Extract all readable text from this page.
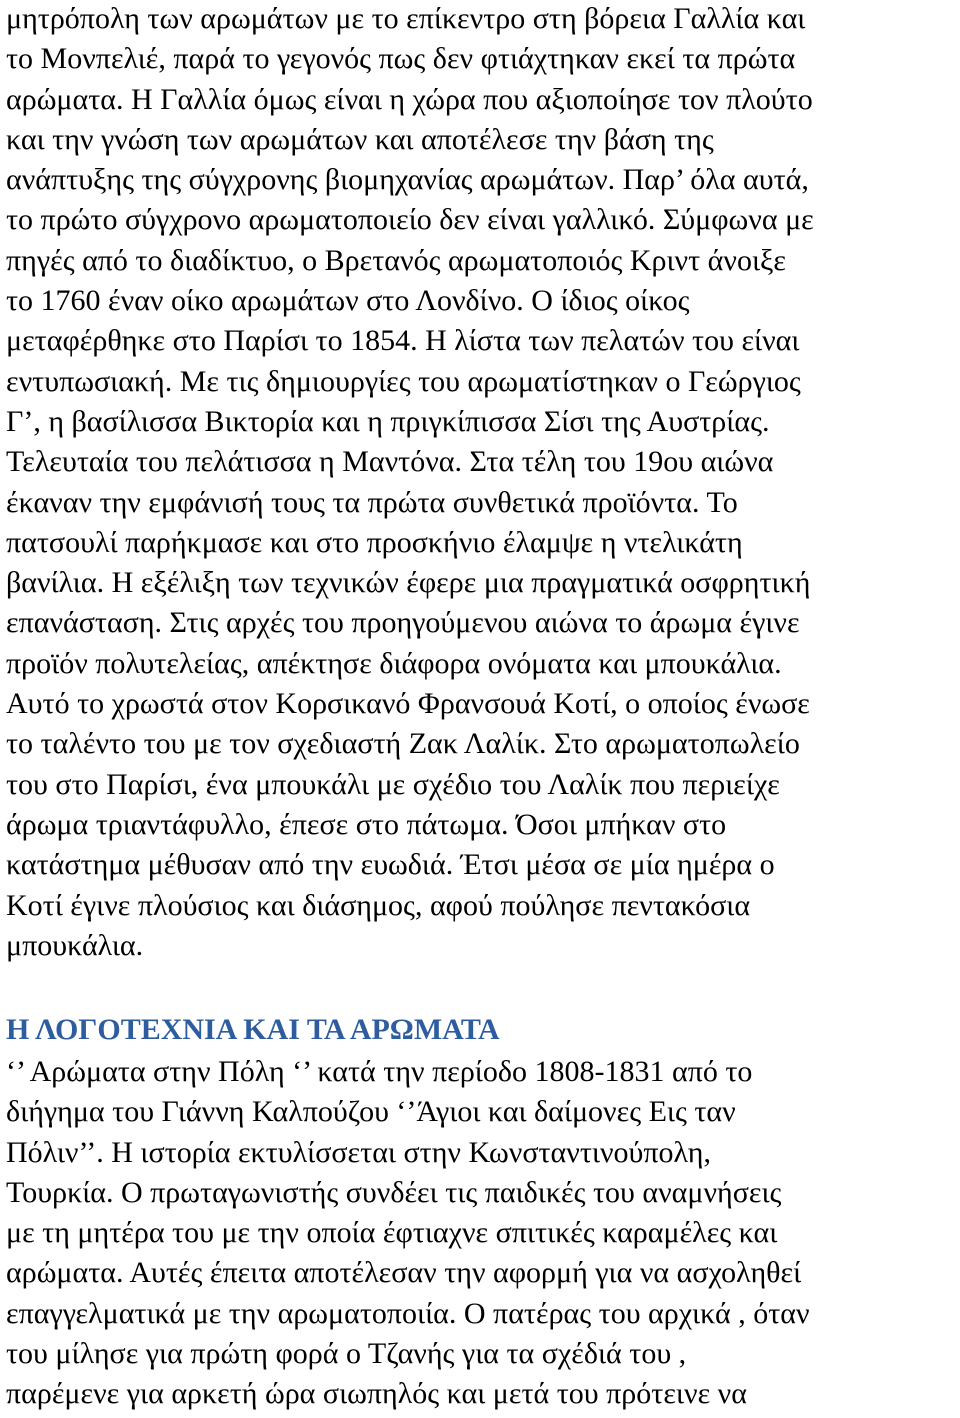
μητρόπολη των αρωμάτων με το επίκεντρο στη βόρεια Γαλλία και
το Μονπελιέ, παρά το γεγονός πως δεν φτιάχτηκαν εκεί τα πρώτα
αρώματα. Η Γαλλία όμως είναι η χώρα που αξιοποίησε τον πλούτο
και την γνώση των αρωμάτων και αποτέλεσε την βάση της
ανάπτυξης της σύγχρονης βιομηχανίας αρωμάτων. Παρ’ όλα αυτά,
το πρώτο σύγχρονο αρωματοποιείο δεν είναι γαλλικό. Σύμφωνα με
πηγές από το διαδίκτυο, ο Βρετανός αρωματοποιός Κριντ άνοιξε
το 1760 έναν οίκο αρωμάτων στο Λονδίνο. Ο ίδιος οίκος
μεταφέρθηκε στο Παρίσι το 1854. Η λίστα των πελατών του είναι
εντυπωσιακή. Με τις δημιουργίες του αρωματίστηκαν ο Γεώργιος
Γ’, η βασίλισσα Βικτορία και η πριγκίπισσα Σίσι της Αυστρίας.
Τελευταία του πελάτισσα η Μαντόνα. Στα τέλη του 19ου αιώνα
έκαναν την εμφάνισή τους τα πρώτα συνθετικά προϊόντα. Το
πατσουλί παρήκμασε και στο προσκήνιο έλαμψε η ντελικάτη
βανίλια. Η εξέλιξη των τεχνικών έφερε μια πραγματικά οσφρητική
επανάσταση. Στις αρχές του προηγούμενου αιώνα το άρωμα έγινε
προϊόν πολυτελείας, απέκτησε διάφορα ονόματα και μπουκάλια.
Αυτό το χρωστά στον Κορσικανό Φρανσουά Κοτί, ο οποίος ένωσε
το ταλέντο του με τον σχεδιαστή Ζακ Λαλίκ. Στο αρωματοπωλείο
του στο Παρίσι, ένα μπουκάλι με σχέδιο του Λαλίκ που περιείχε
άρωμα τριαντάφυλλο, έπεσε στο πάτωμα. Όσοι μπήκαν στο
κατάστημα μέθυσαν από την ευωδιά. Έτσι μέσα σε μία ημέρα ο
Κοτί έγινε πλούσιος και διάσημος, αφού πούλησε πεντακόσια
μπουκάλια.
Η ΛΟΓΟΤΕΧΝΙΑ ΚΑΙ ΤΑ ΑΡΩΜΑΤΑ
‘’ Αρώματα στην Πόλη ‘’ κατά την περίοδο 1808-1831 από το
διήγημα του Γιάννη Καλπούζου ‘’Άγιοι και δαίμονες Εις ταν
Πόλιν’’. Η ιστορία εκτυλίσσεται στην Κωνσταντινούπολη,
Τουρκία. Ο πρωταγωνιστής συνδέει τις παιδικές του αναμνήσεις
με τη μητέρα του με την οποία έφτιαχνε σπιτικές καραμέλες και
αρώματα. Αυτές έπειτα αποτέλεσαν την αφορμή για να ασχοληθεί
επαγγελματικά με την αρωματοποιία. Ο πατέρας του αρχικά , όταν
του μίλησε για πρώτη φορά ο Τζανής για τα σχέδιά του ,
παρέμενε για αρκετή ώρα σιωπηλός και μετά του πρότεινε να
